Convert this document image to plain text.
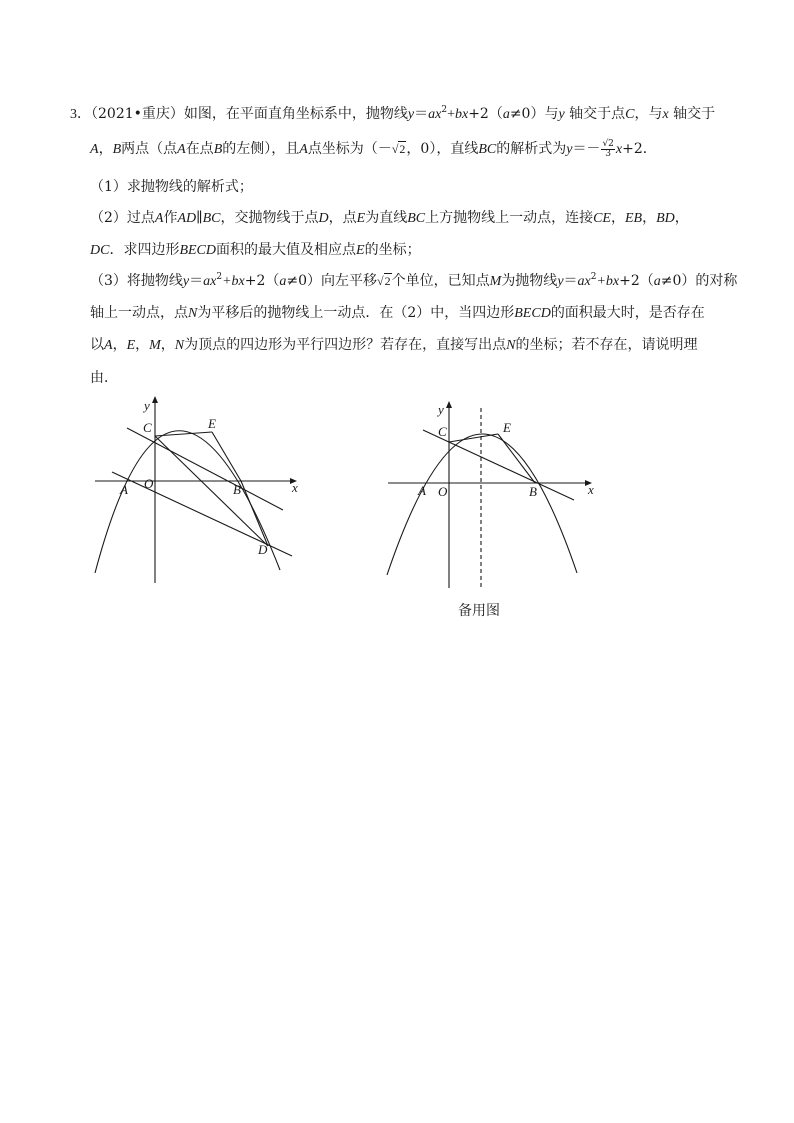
3．（2021•重庆）如图，在平面直角坐标系中，抛物线$y=ax^2+bx+2(a\ne 0)$与y 轴交于点C，与x 轴交于
A，B两点（点A在点B的左侧），且A点坐标为（－√2，0），直线BC的解析式为$y=- \frac{√2}{3} x+2$．
（1）求抛物线的解析式；
（2）过点A作AD∥BC，交抛物线于点D，点E为直线BC上方抛物线上一动点，连接CE，EB，BD，
DC．求四边形BECD面积的最大值及相应点E的坐标；
（3）将抛物线$y=ax^2+bx+2(a\ne 0)$向左平移√2个单位，已知点M为抛物线$y=ax^2+bx+2(a\ne 0)$的对称
轴上一动点，点N为平移后的抛物线上一动点．在（2）中，当四边形BECD的面积最大时，是否存在
以A，E，M，N为顶点的四边形为平行四边形？若存在，直接写出点N的坐标；若不存在，请说明理
由．
y
x
C	E
A O	B
D
y
x
C	E
A O	B
备用图
